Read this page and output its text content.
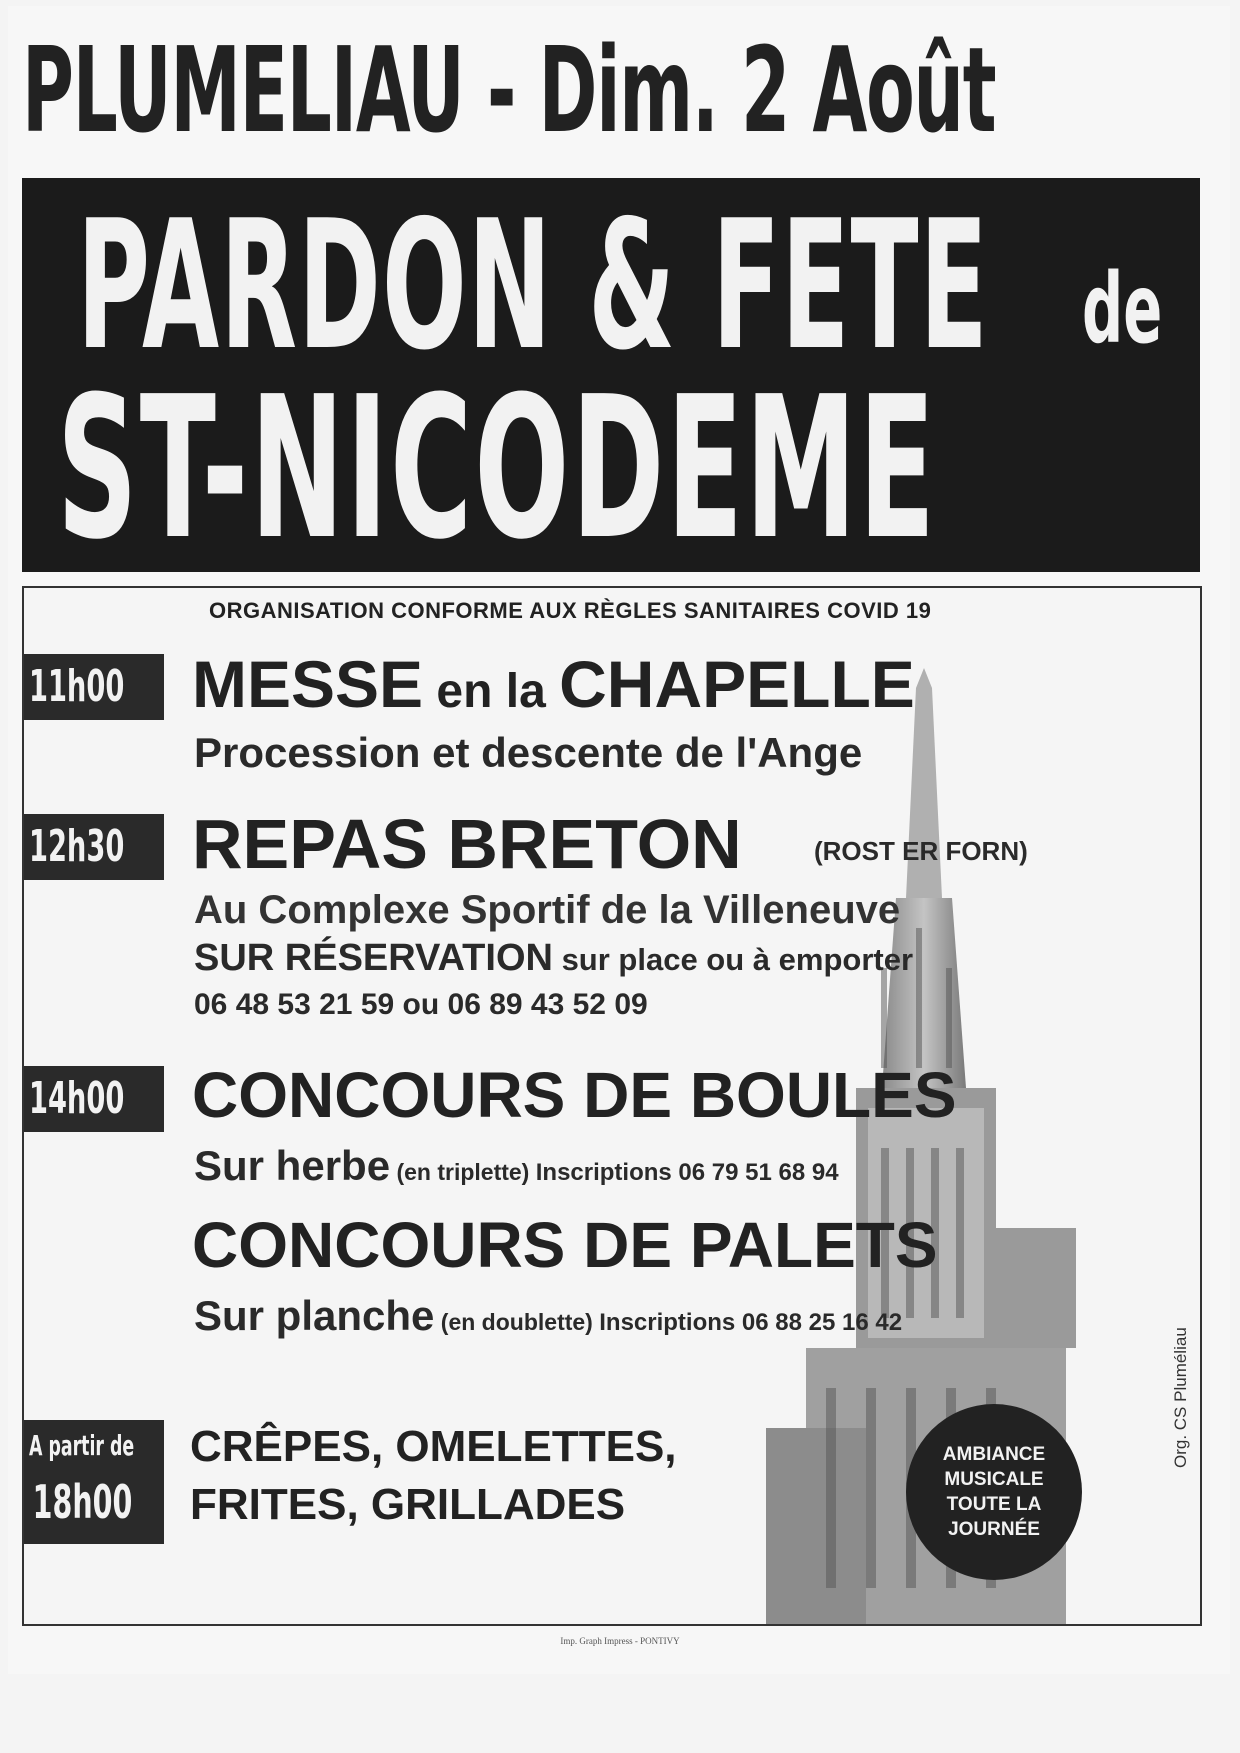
PLUMELIAU - Dim. 2 Août
PARDON & FETE de
ST-NICODEME
ORGANISATION CONFORME AUX RÈGLES SANITAIRES COVID 19
11h00	MESSE en la CHAPELLE
Procession et descente de l'Ange
12h30 REPAS BRETON	(ROST ER FORN)
Au Complexe Sportif de la Villeneuve
SUR RÉSERVATION sur place ou à emporter
06 48 53 21 59 ou 06 89 43 52 09
14h00	CONCOURS DE BOULES
Sur herbe (en triplette) Inscriptions 06 79 51 68 94
CONCOURS DE PALETS
Sur planche (en doublette) Inscriptions 06 88 25 16 42
A partir de
18h00
CRÊPES, OMELETTES,
FRITES, GRILLADES
AMBIANCE
MUSICALE
TOUTE LA
JOURNÉE
Org. CS Pluméliau
Imp. Graph Impress - PONTIVY
